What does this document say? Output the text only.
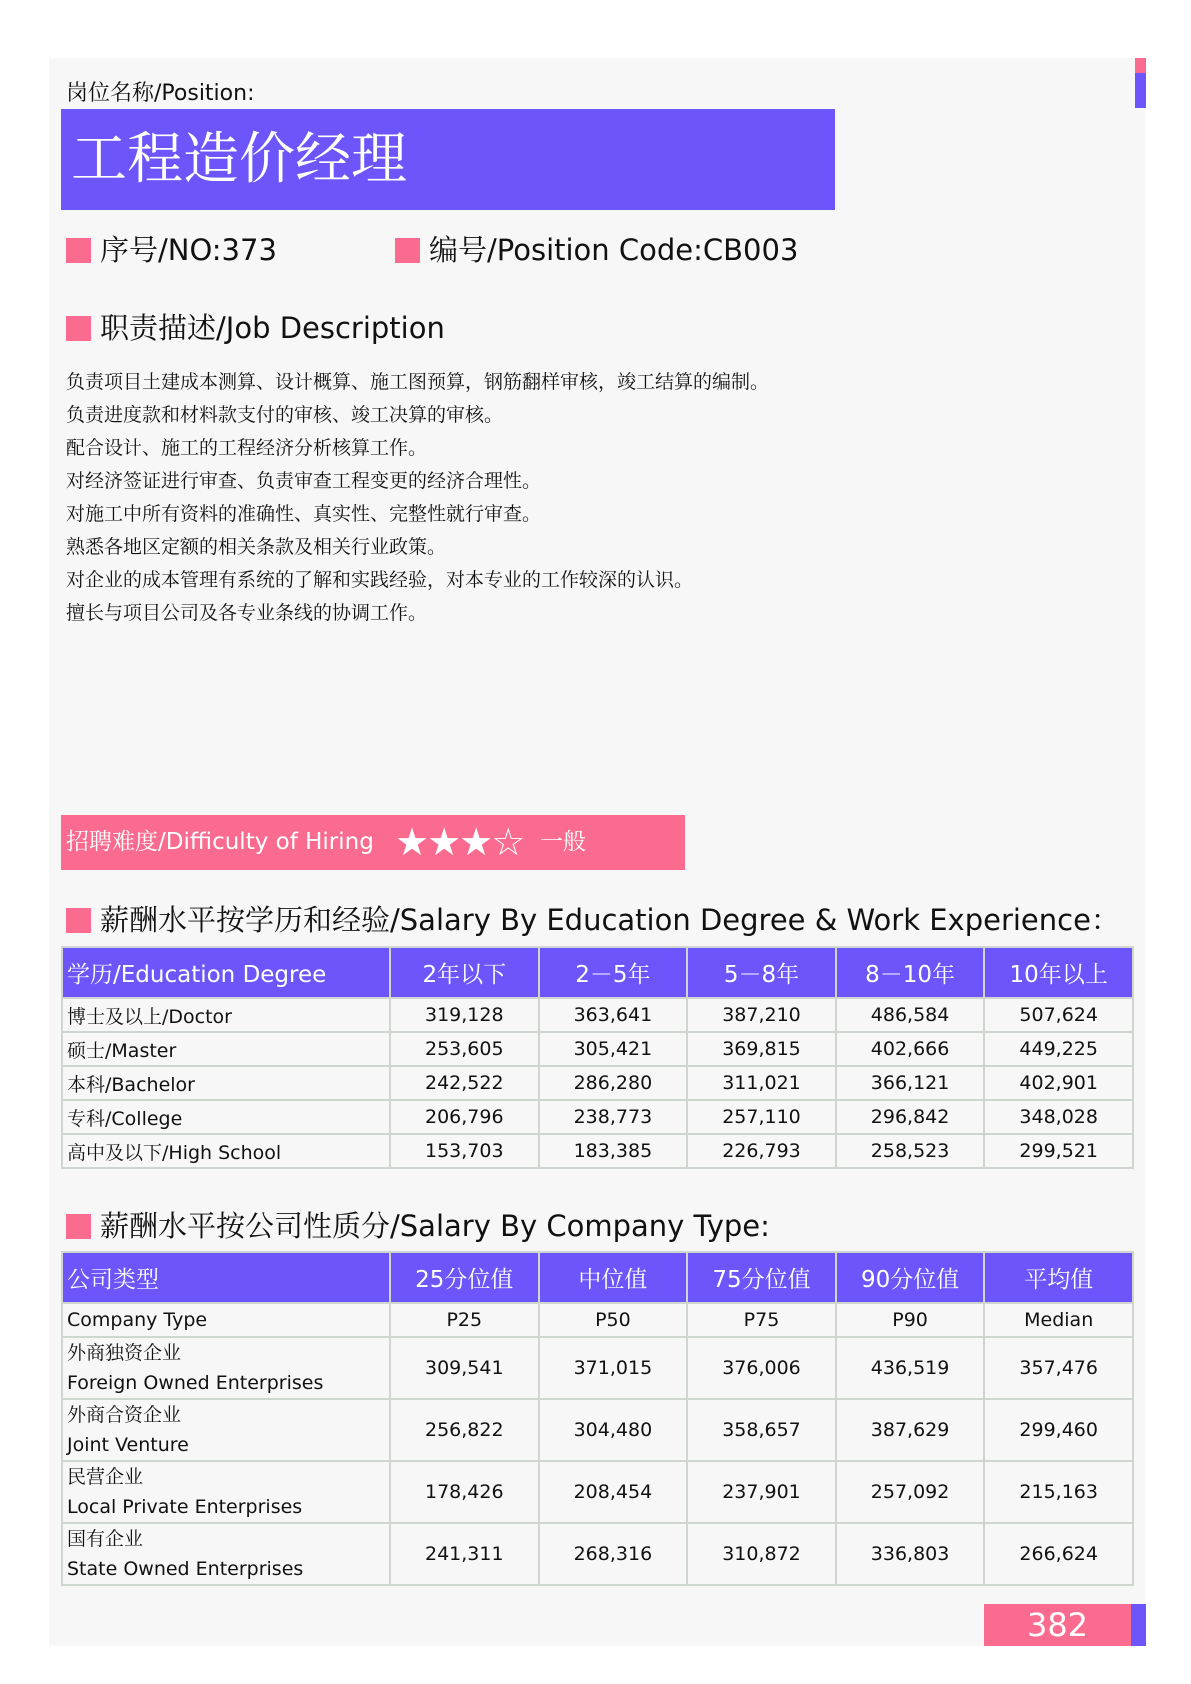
岗位名称/Position:
工程造价经理
序号/NO:373	编号/Position Code:CB003
职责描述/Job Description
负责项目土建成本测算、设计概算、施工图预算，钢筋翻样审核，竣工结算的编制。
负责进度款和材料款支付的审核、竣工决算的审核。
配合设计、施工的工程经济分析核算工作。
对经济签证进行审查、负责审查工程变更的经济合理性。
对施工中所有资料的准确性、真实性、完整性就行审查。
熟悉各地区定额的相关条款及相关行业政策。
对企业的成本管理有系统的了解和实践经验，对本专业的工作较深的认识。
擅长与项目公司及各专业条线的协调工作。
招聘难度/Difficulty of Hiring ★★★☆ 一般
薪酬水平按学历和经验/Salary By Education Degree & Work Experience：
学历/Education Degree	2年以下	2－5年	5－8年	8－10年	10年以上
博士及以上/Doctor	319,128	363,641	387,210	486,584	507,624
硕士/Master	253,605	305,421	369,815	402,666	449,225
本科/Bachelor	242,522	286,280	311,021	366,121	402,901
专科/College	206,796	238,773	257,110	296,842	348,028
高中及以下/High School	153,703	183,385	226,793	258,523	299,521
薪酬水平按公司性质分/Salary By Company Type:
公司类型	25分位值	中位值	75分位值	90分位值	平均值
Company Type	P25	P50	P75	P90	Median

外商独资企业
Foreign Owned Enterprises	309,541	371,015	376,006	436,519	357,476

外商合资企业
Joint Venture	256,822	304,480	358,657	387,629	299,460

民营企业
Local Private Enterprises	178,426	208,454	237,901	257,092	215,163

国有企业
State Owned Enterprises	241,311	268,316	310,872	336,803	266,624
382
